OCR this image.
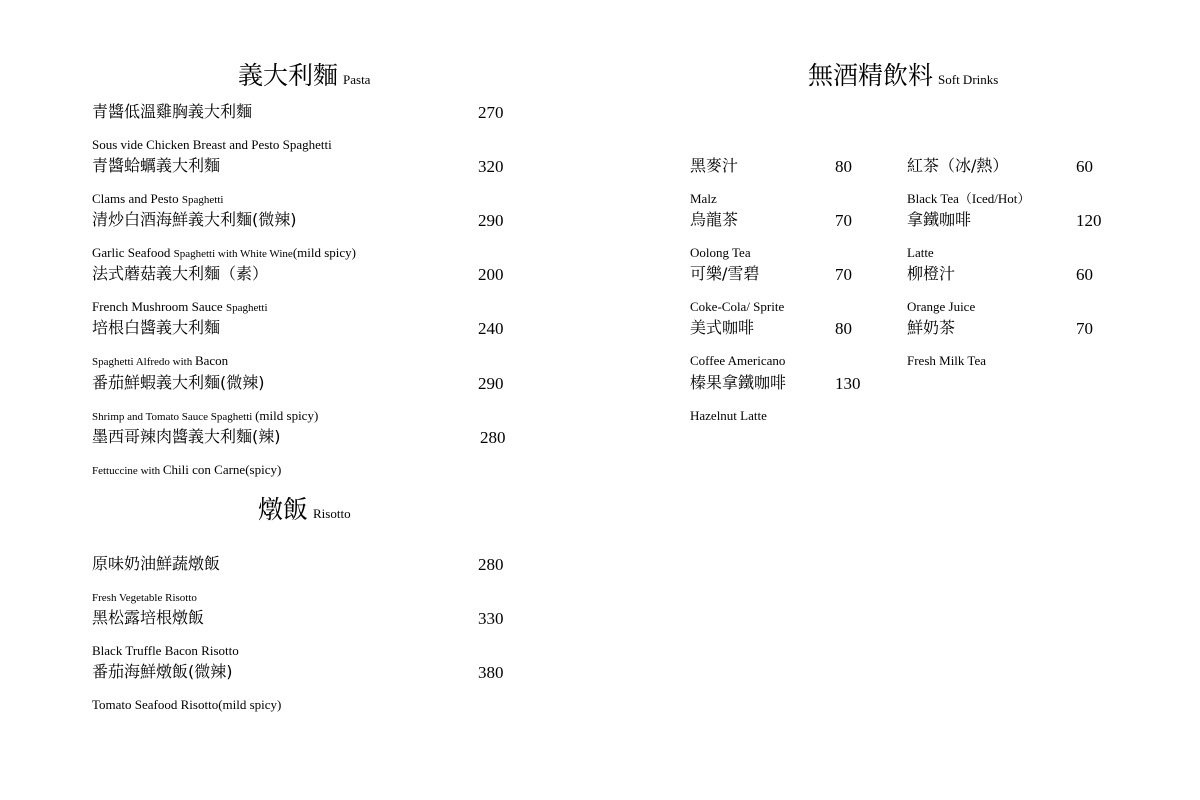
義大利麵 Pasta
青醬低溫雞胸義大利麵
Sous vide Chicken Breast and Pesto Spaghetti
270
青醬蛤蠣義大利麵
Clams and Pesto Spaghetti
320
清炒白酒海鮮義大利麵(微辣)
Garlic Seafood Spaghetti with White Wine(mild spicy)
290
法式蘑菇義大利麵（素）
French Mushroom Sauce Spaghetti
200
培根白醬義大利麵
Spaghetti Alfredo with Bacon
240
番茄鮮蝦義大利麵(微辣)
Shrimp and Tomato Sauce Spaghetti (mild spicy)
290
墨西哥辣肉醬義大利麵(辣)
Fettuccine with Chili con Carne(spicy)
280
燉飯 Risotto
原味奶油鮮蔬燉飯
Fresh Vegetable Risotto
280
黑松露培根燉飯
Black Truffle Bacon Risotto
330
番茄海鮮燉飯(微辣)
Tomato Seafood Risotto(mild spicy)
380
無酒精飲料 Soft Drinks
黑麥汁
Malz
80
烏龍茶
Oolong Tea
70
可樂/雪碧
Coke-Cola/ Sprite
70
美式咖啡
Coffee Americano
80
榛果拿鐵咖啡
Hazelnut Latte
130
紅茶（冰/熱）
Black Tea（Iced/Hot）
60
拿鐵咖啡
Latte
120
柳橙汁
Orange Juice
60
鮮奶茶
Fresh Milk Tea
70
